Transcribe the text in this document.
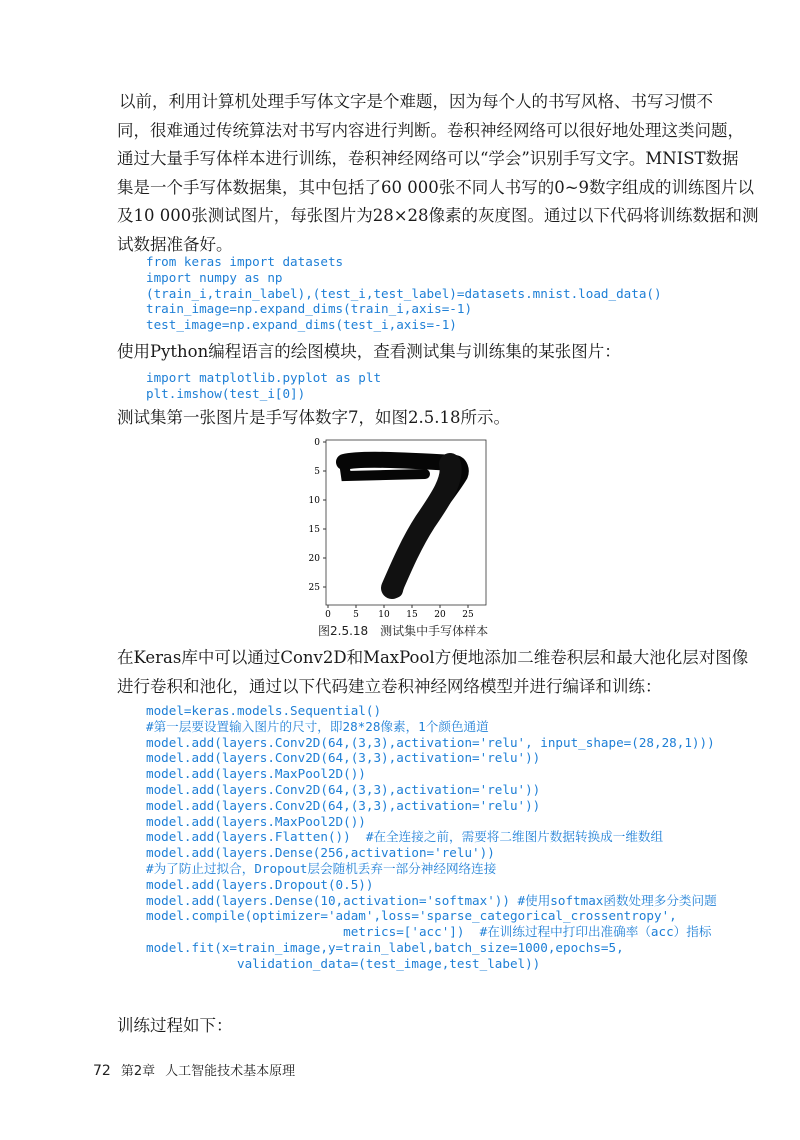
以前，利用计算机处理手写体文字是个难题，因为每个人的书写风格、书写习惯不
同，很难通过传统算法对书写内容进行判断。卷积神经网络可以很好地处理这类问题，
通过大量手写体样本进行训练，卷积神经网络可以“学会”识别手写文字。MNIST数据
集是一个手写体数据集，其中包括了60 000张不同人书写的0~9数字组成的训练图片以
及10 000张测试图片，每张图片为28×28像素的灰度图。通过以下代码将训练数据和测
试数据准备好。
from keras import datasets
import numpy as np
(train_i,train_label),(test_i,test_label)=datasets.mnist.load_data()
train_image=np.expand_dims(train_i,axis=-1)
test_image=np.expand_dims(test_i,axis=-1)
使用Python编程语言的绘图模块，查看测试集与训练集的某张图片：
import matplotlib.pyplot as plt
plt.imshow(test_i[0])
测试集第一张图片是手写体数字7，如图2.5.18所示。
0
5
10
15
20
25
0 5 10 15 20 25
图2.5.18 测试集中手写体样本
在Keras库中可以通过Conv2D和MaxPool方便地添加二维卷积层和最大池化层对图像
进行卷积和池化，通过以下代码建立卷积神经网络模型并进行编译和训练：
model=keras.models.Sequential()
#第一层要设置输入图片的尺寸，即28*28像素，1个颜色通道
model.add(layers.Conv2D(64,(3,3),activation='relu', input_shape=(28,28,1)))
model.add(layers.Conv2D(64,(3,3),activation='relu'))
model.add(layers.MaxPool2D())
model.add(layers.Conv2D(64,(3,3),activation='relu'))
model.add(layers.Conv2D(64,(3,3),activation='relu'))
model.add(layers.MaxPool2D())
model.add(layers.Flatten())  #在全连接之前，需要将二维图片数据转换成一维数组
model.add(layers.Dense(256,activation='relu'))
#为了防止过拟合，Dropout层会随机丢弃一部分神经网络连接
model.add(layers.Dropout(0.5))
model.add(layers.Dense(10,activation='softmax')) #使用softmax函数处理多分类问题
model.compile(optimizer='adam',loss='sparse_categorical_crossentropy',
metrics=['acc'])  #在训练过程中打印出准确率（acc）指标
model.fit(x=train_image,y=train_label,batch_size=1000,epochs=5,
validation_data=(test_image,test_label))
训练过程如下：
72 第2章 人工智能技术基本原理
